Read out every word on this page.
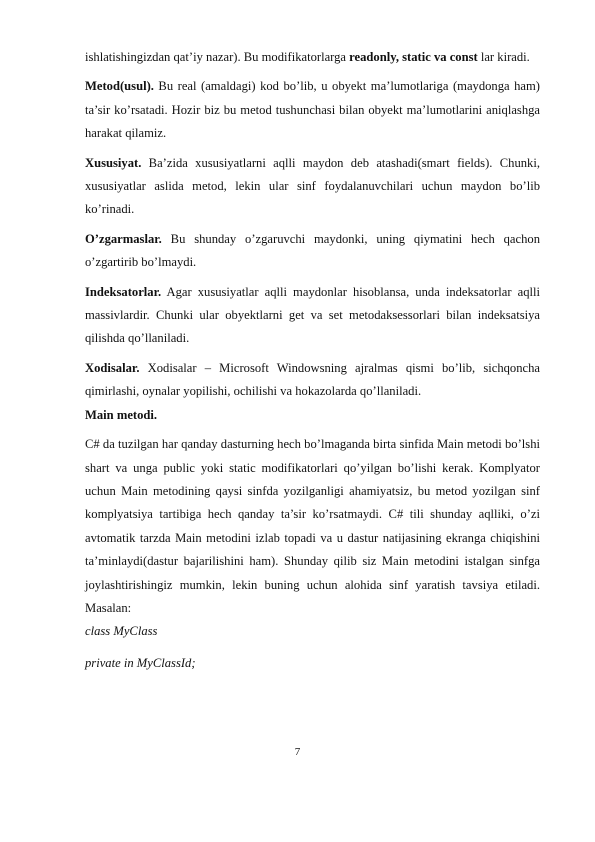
ishlatishingizdan qat’iy nazar). Bu modifikatorlarga readonly, static va const lar kiradi.

Metod(usul). Bu real (amaldagi) kod bo’lib, u obyekt ma’lumotlariga (maydonga ham) ta’sir ko’rsatadi. Hozir biz bu metod tushunchasi bilan obyekt ma’lumotlarini aniqlashga harakat qilamiz.

Xususiyat. Ba’zida xususiyatlarni aqlli maydon deb atashadi(smart fields). Chunki, xususiyatlar aslida metod, lekin ular sinf foydalanuvchilari uchun maydon bo’lib ko’rinadi.

O’zgarmaslar. Bu shunday o’zgaruvchi maydonki, uning qiymatini hech qachon o’zgartirib bo’lmaydi.

Indeksatorlar. Agar xususiyatlar aqlli maydonlar hisoblansa, unda indeksatorlar aqlli massivlardir. Chunki ular obyektlarni get va set metodaksessorlari bilan indeksatsiya qilishda qo’llaniladi.

Xodisalar. Xodisalar – Microsoft Windowsning ajralmas qismi bo’lib, sichqoncha qimirlashi, oynalar yopilishi, ochilishi va hokazolarda qo’llaniladi.
Main metodi.

C# da tuzilgan har qanday dasturning hech bo’lmaganda birta sinfida Main metodi bo’lshi shart va unga public yoki static modifikatorlari qo’yilgan bo’lishi kerak. Komplyator uchun Main metodining qaysi sinfda yozilganligi ahamiyatsiz, bu metod yozilgan sinf komplyatsiya tartibiga hech qanday ta’sir ko’rsatmaydi. C# tili shunday aqlliki, o’zi avtomatik tarzda Main metodini izlab topadi va u dastur natijasining ekranga chiqishini ta’minlaydi(dastur bajarilishini ham). Shunday qilib siz Main metodini istalgan sinfga joylashtirishingiz mumkin, lekin buning uchun alohida sinf yaratish tavsiya etiladi. Masalan:

class MyClass

private in MyClassId;

7
